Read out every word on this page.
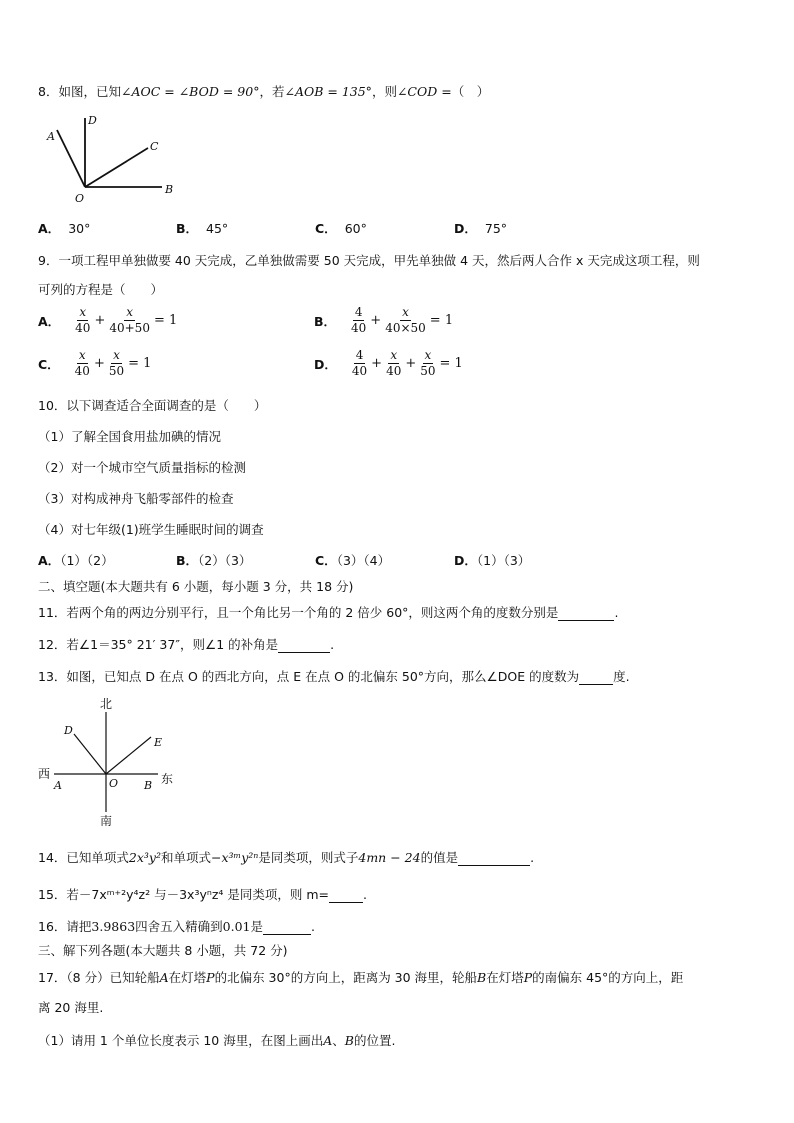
8．如图，已知∠AOC = ∠BOD = 90°，若∠AOB = 135°，则∠COD =（　）
A
D
C
O
B
A． 30°	B． 45°	C． 60°	D． 75°
9．一项工程甲单独做要 40 天完成，乙单独做需要 50 天完成，甲先单独做 4 天，然后两人合作 x 天完成这项工程，则
可列的方程是（　　）
A． $\frac{x}{40} + \frac{x}{40+50} = 1$	B． $\frac{4}{40} + \frac{x}{40\times 50} = 1$
C． $\frac{x}{40} + \frac{x}{50} = 1$	D． $\frac{4}{40} + \frac{x}{40} + \frac{x}{50} = 1$
10．以下调查适合全面调查的是（　　）
（1）了解全国食用盐加碘的情况
（2）对一个城市空气质量指标的检测
（3）对构成神舟飞船零部件的检查
（4）对七年级(1)班学生睡眠时间的调查
A．（1）（2）	B．（2）（3）	C．（3）（4）	D．（1）（3）
二、填空题(本大题共有 6 小题，每小题 3 分，共 18 分)
11．若两个角的两边分别平行，且一个角比另一个角的 2 倍少 60°，则这两个角的度数分别是	.
12．若∠1＝35° 21′ 37″，则∠1 的补角是	.
13．如图，已知点 D 在点 O 的西北方向，点 E 在点 O 的北偏东 50°方向，那么∠DOE 的度数为	度.
北
西	东
南
D
E
O
A	B
14．已知单项式2x³y²和单项式−x³ᵐy²ⁿ是同类项，则式子4mn − 24的值是	.
15．若－7xᵐ⁺²y⁴z² 与－3x³yⁿz⁴ 是同类项，则 m=	.
16．请把3.9863四舍五入精确到0.01是	.
三、解下列各题(本大题共 8 小题，共 72 分)
17．（8 分）已知轮船A在灯塔P的北偏东 30°的方向上，距离为 30 海里，轮船B在灯塔P的南偏东 45°的方向上，距
离 20 海里.
（1）请用 1 个单位长度表示 10 海里，在图上画出A、B的位置.
